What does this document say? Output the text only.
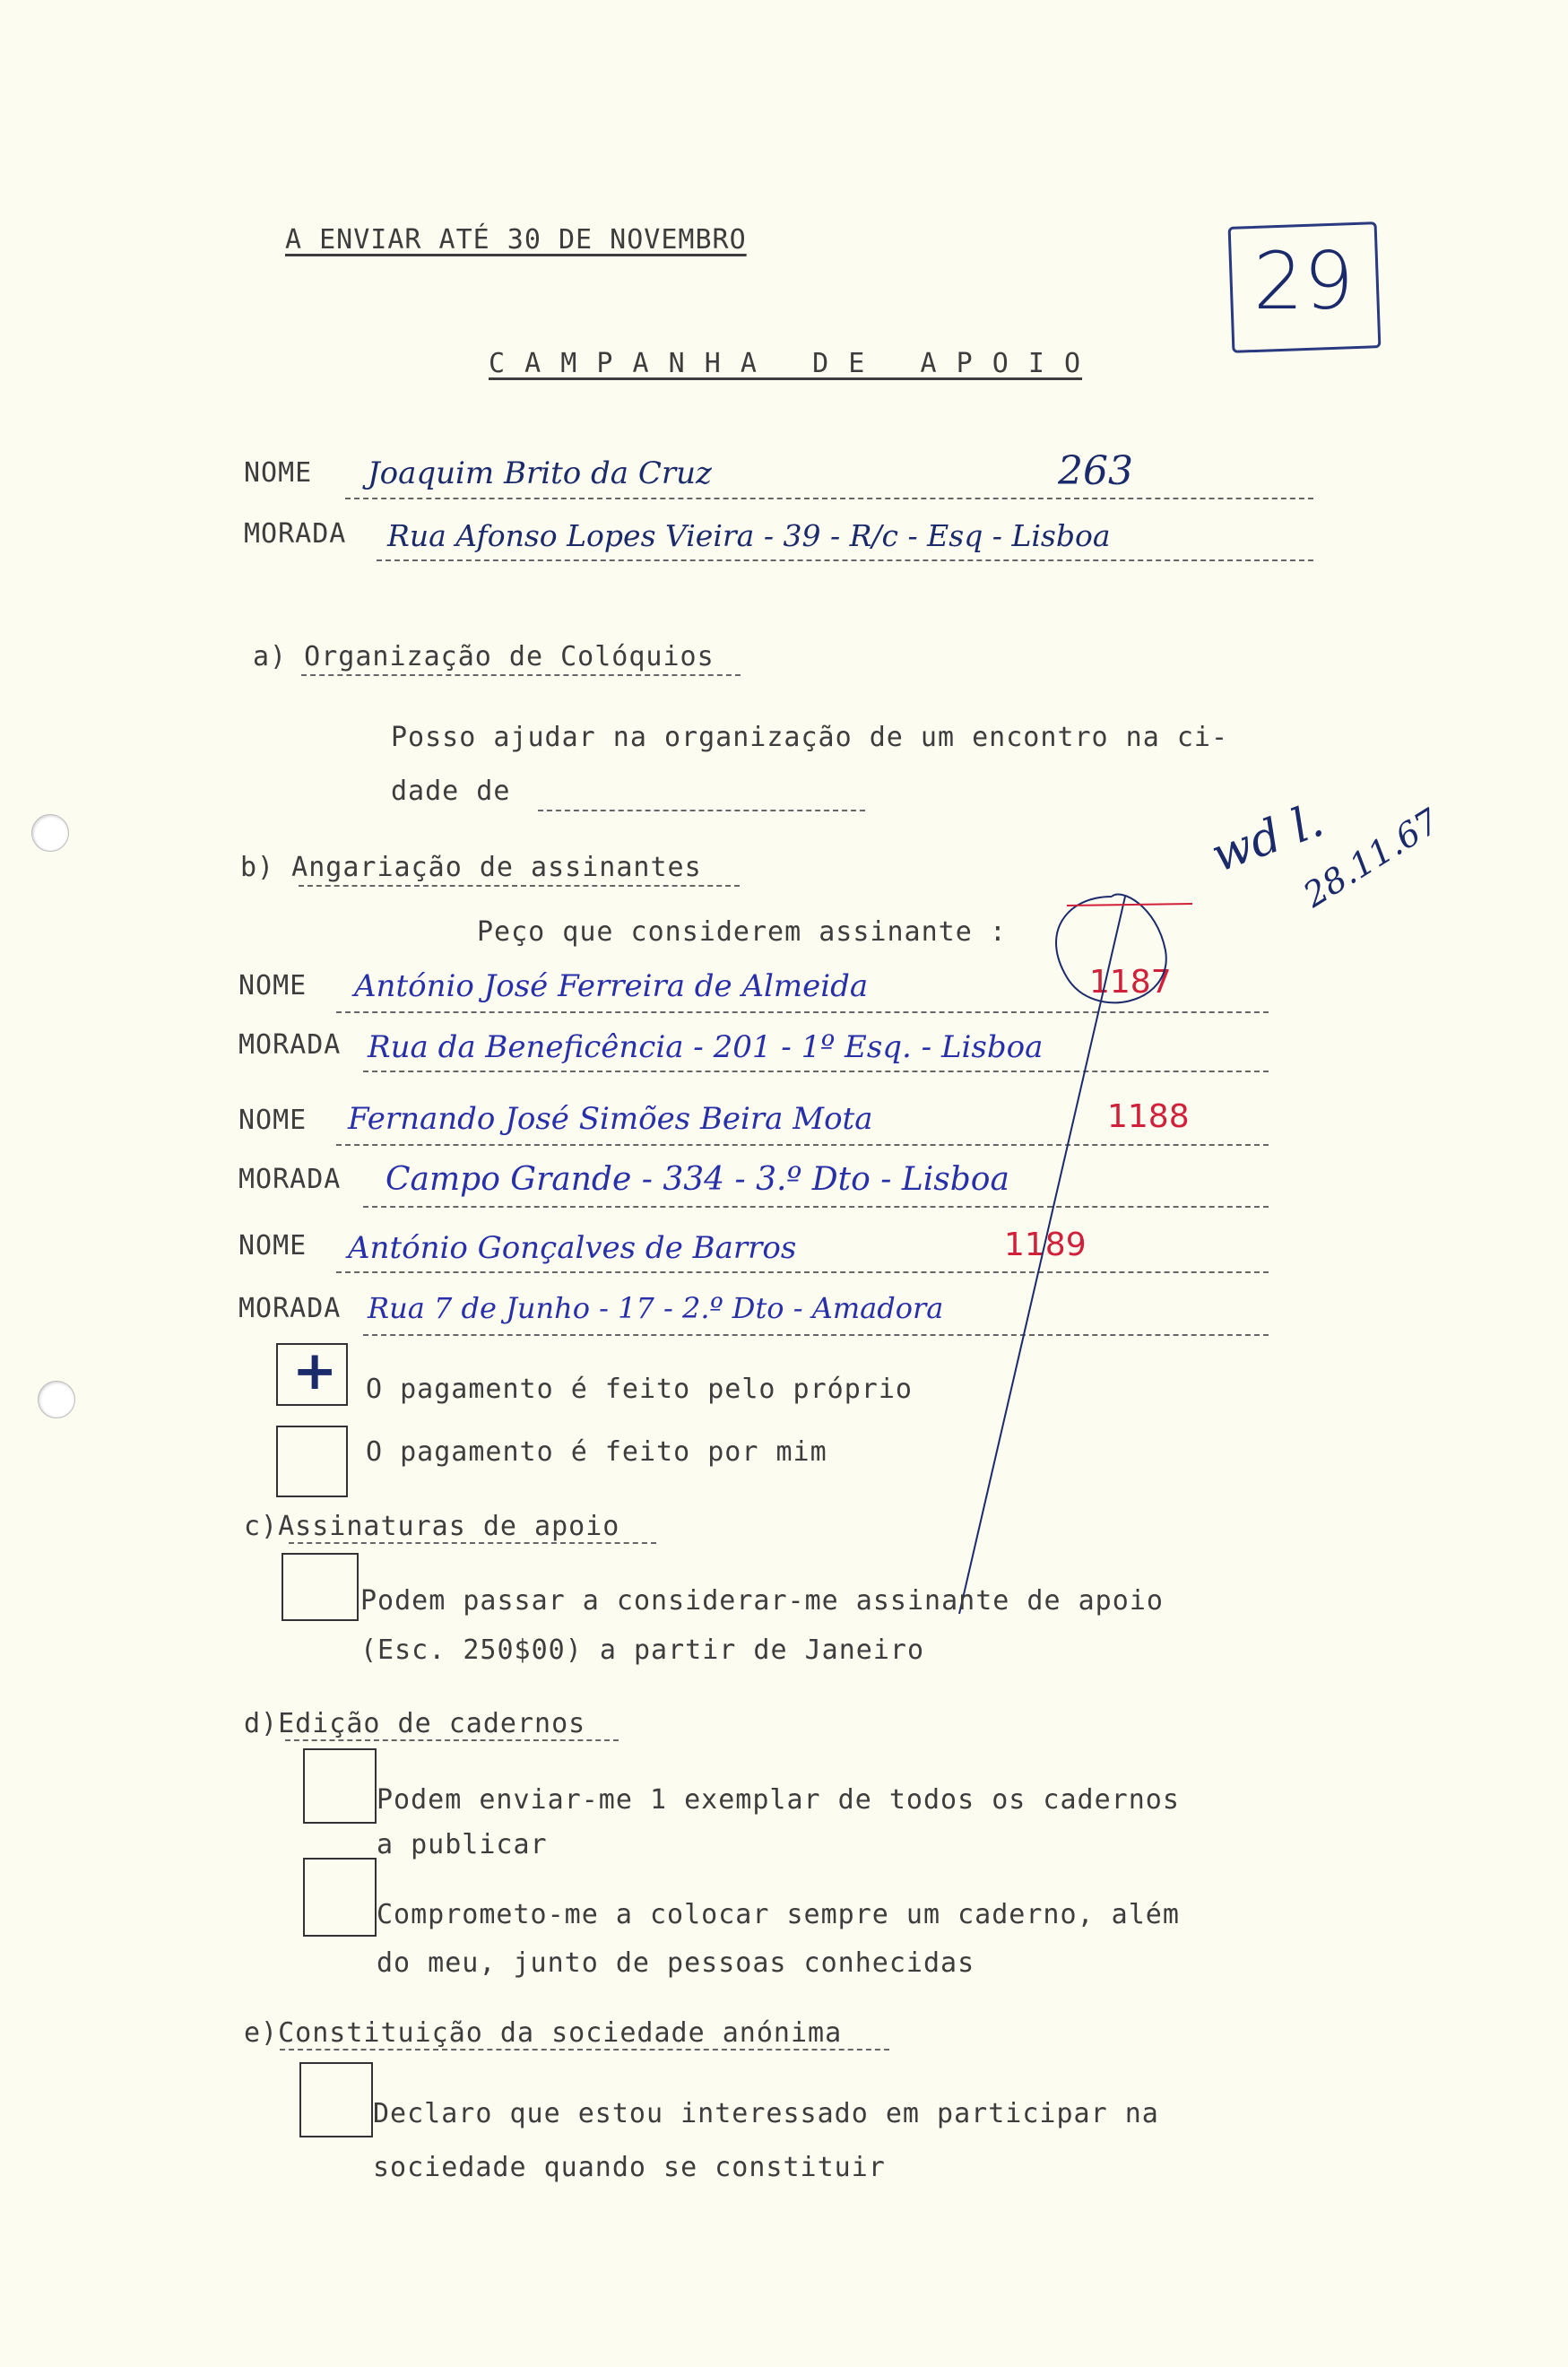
A ENVIAR ATÉ 30 DE NOVEMBRO	29
C A M P A N H A   D E   A P O I O
NOME Joaquim Brito da Cruz	263
MORADA Rua Afonso Lopes Vieira - 39 - R/c - Esq - Lisboa
a) Organização de Colóquios
Posso ajudar na organização de um encontro na ci-
dade de
b) Angariação de assinantes	wd l.
28.11.67
Peço que considerem assinante :
NOME António José Ferreira de Almeida	1187
MORADA Rua da Beneficência - 201 - 1º Esq. - Lisboa
NOME Fernando José Simões Beira Mota	1188
MORADA Campo Grande - 334 - 3.º Dto - Lisboa
NOME António Gonçalves de Barros	1189
MORADA Rua 7 de Junho - 17 - 2.º Dto - Amadora
+ O pagamento é feito pelo próprio
O pagamento é feito por mim
c)Assinaturas de apoio
Podem passar a considerar-me assinante de apoio
(Esc. 250$00) a partir de Janeiro
d)Edição de cadernos
Podem enviar-me 1 exemplar de todos os cadernos
a publicar
Comprometo-me a colocar sempre um caderno, além
do meu, junto de pessoas conhecidas
e)Constituição da sociedade anónima
Declaro que estou interessado em participar na
sociedade quando se constituir
